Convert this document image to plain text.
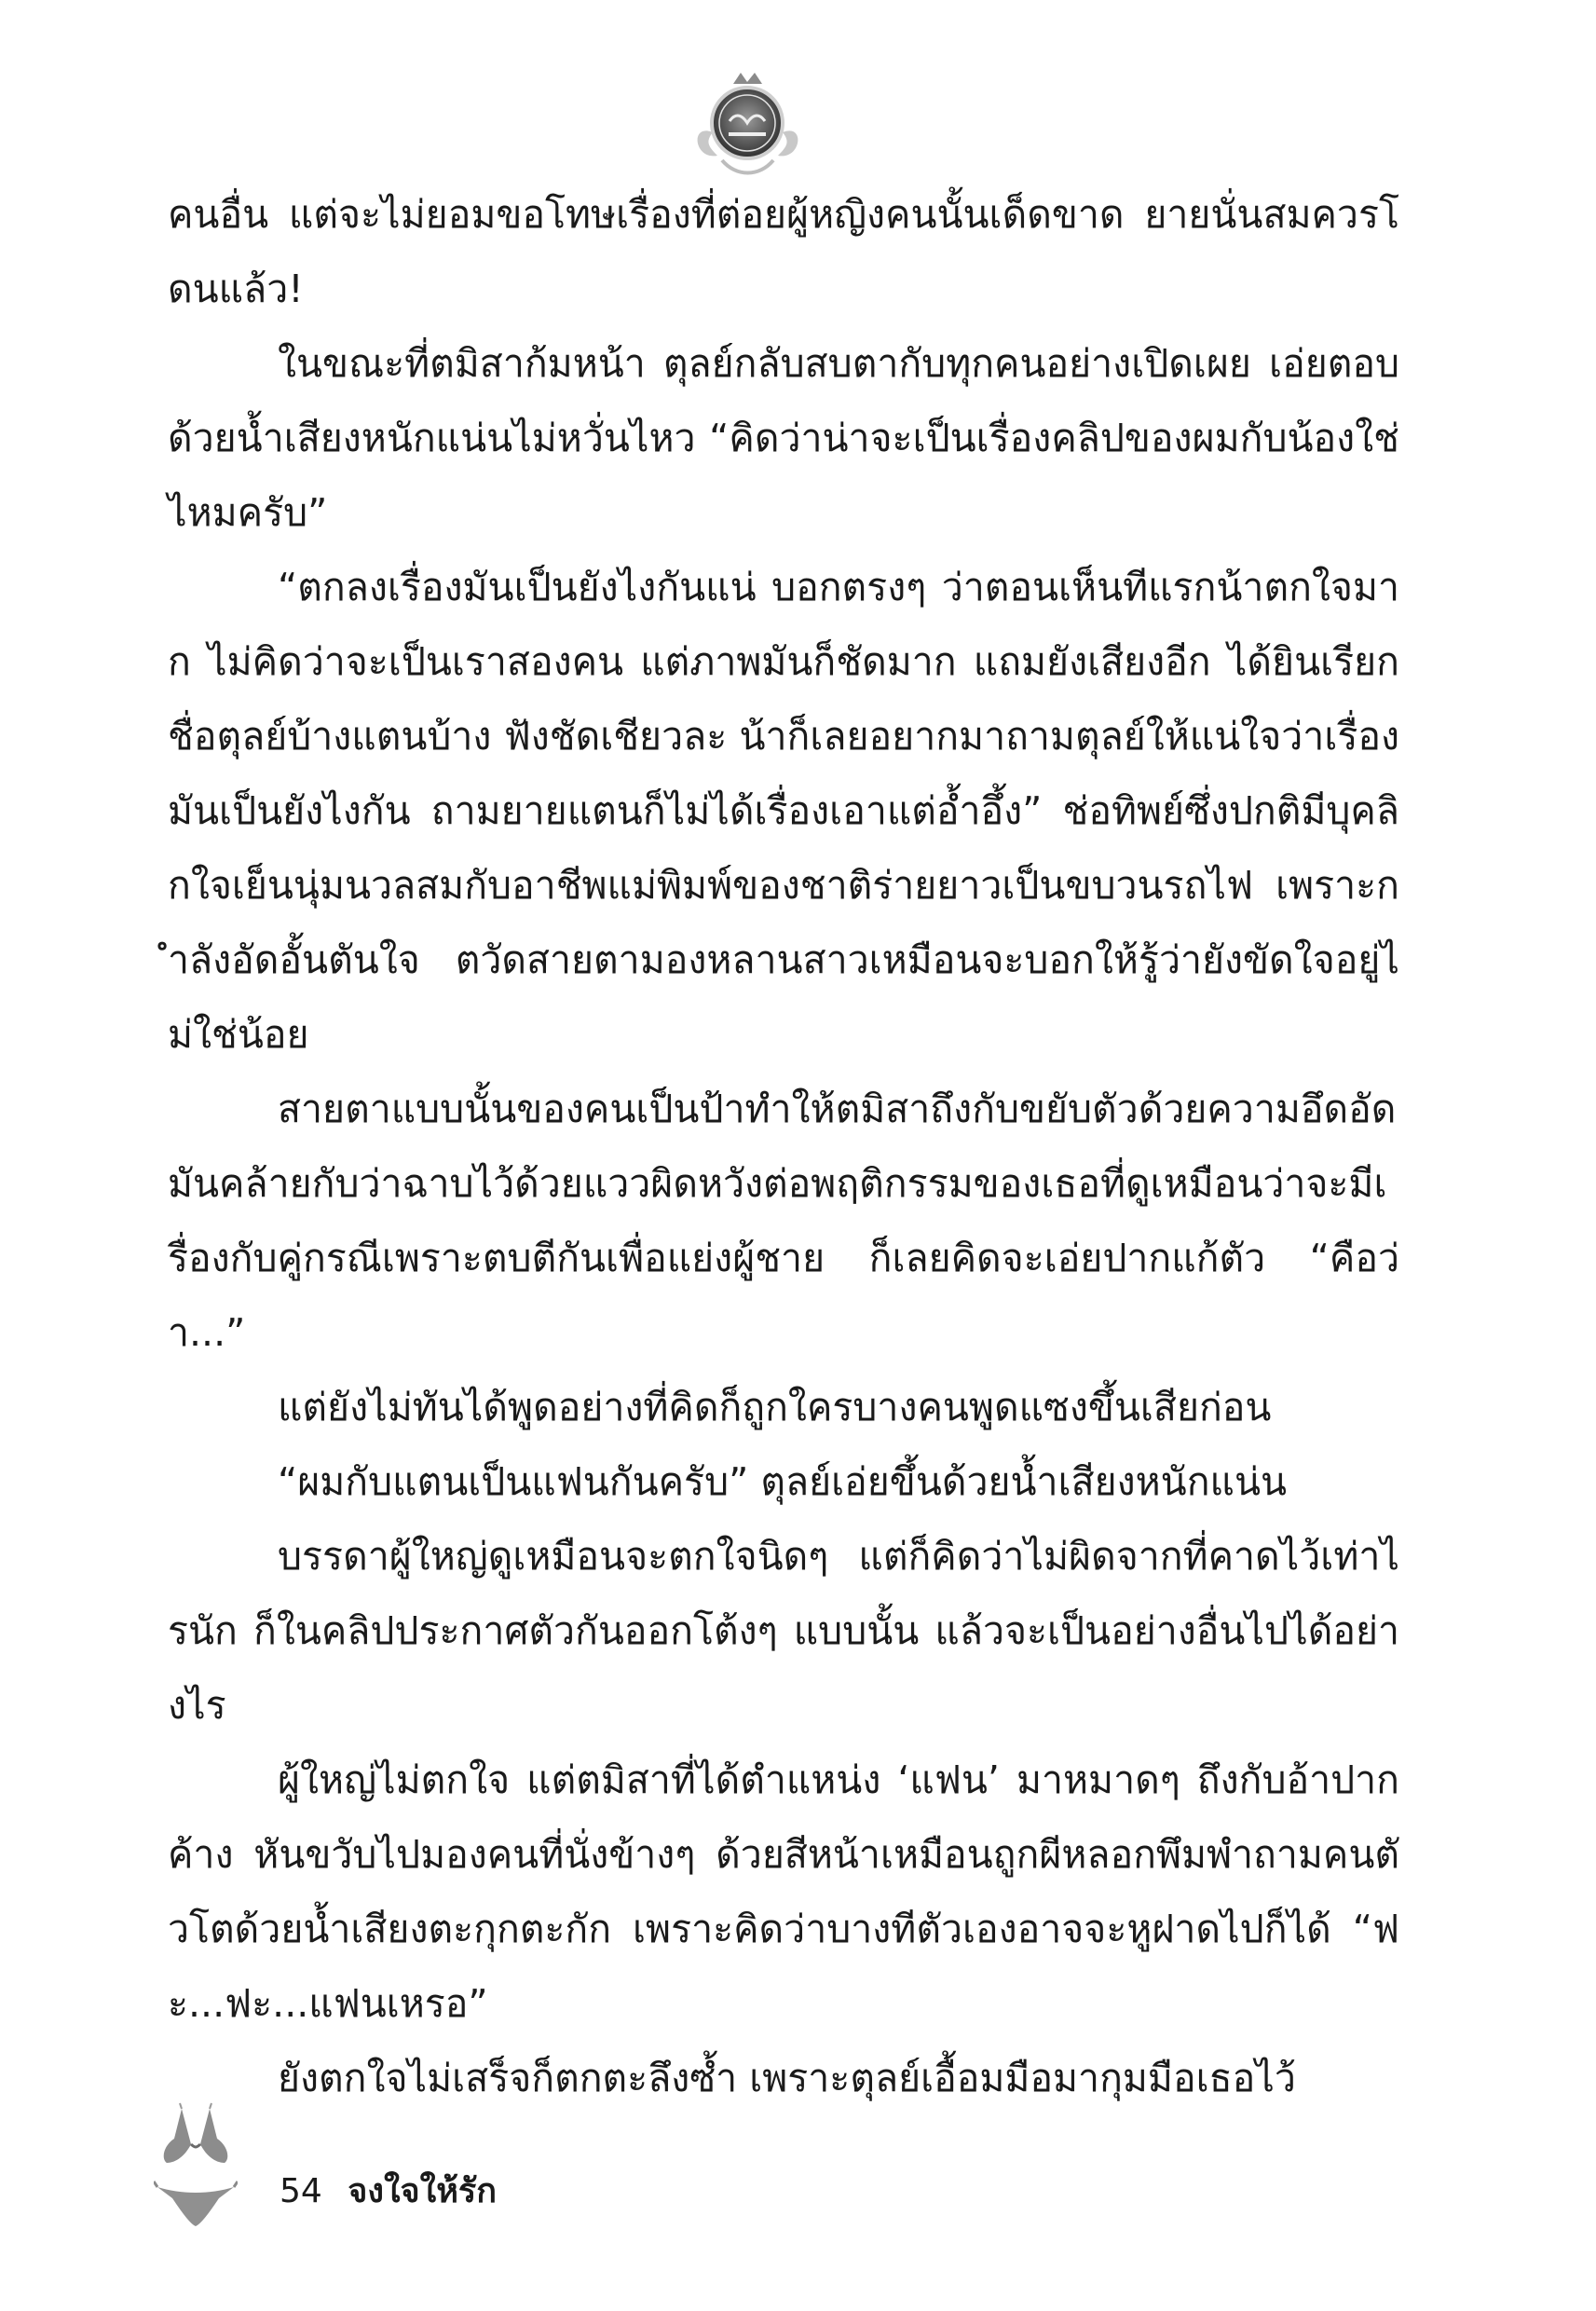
คนอื่น แต่จะไม่ยอมขอโทษเรื่องที่ต่อยผู้หญิงคนนั้นเด็ดขาด ยายนั่นสมควรโดนแล้ว!

ในขณะที่ตมิสาก้มหน้า ตุลย์กลับสบตากับทุกคนอย่างเปิดเผย เอ่ยตอบด้วยน้ำเสียงหนักแน่นไม่หวั่นไหว “คิดว่าน่าจะเป็นเรื่องคลิปของผมกับน้องใช่ไหมครับ”

“ตกลงเรื่องมันเป็นยังไงกันแน่ บอกตรงๆ ว่าตอนเห็นทีแรกน้าตกใจมาก ไม่คิดว่าจะเป็นเราสองคน แต่ภาพมันก็ชัดมาก แถมยังเสียงอีก ได้ยินเรียกชื่อตุลย์บ้างแตนบ้าง ฟังชัดเชียวละ น้าก็เลยอยากมาถามตุลย์ให้แน่ใจว่าเรื่องมันเป็นยังไงกัน ถามยายแตนก็ไม่ได้เรื่องเอาแต่อ้ำอึ้ง” ช่อทิพย์ซึ่งปกติมีบุคลิกใจเย็นนุ่มนวลสมกับอาชีพแม่พิมพ์ของชาติร่ายยาวเป็นขบวนรถไฟ เพราะกำลังอัดอั้นตันใจ ตวัดสายตามองหลานสาวเหมือนจะบอกให้รู้ว่ายังขัดใจอยู่ไม่ใช่น้อย

สายตาแบบนั้นของคนเป็นป้าทำให้ตมิสาถึงกับขยับตัวด้วยความอึดอัด มันคล้ายกับว่าฉาบไว้ด้วยแววผิดหวังต่อพฤติกรรมของเธอที่ดูเหมือนว่าจะมีเรื่องกับคู่กรณีเพราะตบตีกันเพื่อแย่งผู้ชาย ก็เลยคิดจะเอ่ยปากแก้ตัว “คือว่า...”

แต่ยังไม่ทันได้พูดอย่างที่คิดก็ถูกใครบางคนพูดแซงขึ้นเสียก่อน

“ผมกับแตนเป็นแฟนกันครับ” ตุลย์เอ่ยขึ้นด้วยน้ำเสียงหนักแน่น

บรรดาผู้ใหญ่ดูเหมือนจะตกใจนิดๆ แต่ก็คิดว่าไม่ผิดจากที่คาดไว้เท่าไรนัก ก็ในคลิปประกาศตัวกันออกโต้งๆ แบบนั้น แล้วจะเป็นอย่างอื่นไปได้อย่างไร

ผู้ใหญ่ไม่ตกใจ แต่ตมิสาที่ได้ตำแหน่ง ‘แฟน’ มาหมาดๆ ถึงกับอ้าปากค้าง หันขวับไปมองคนที่นั่งข้างๆ ด้วยสีหน้าเหมือนถูกผีหลอกพึมพำถามคนตัวโตด้วยน้ำเสียงตะกุกตะกัก เพราะคิดว่าบางทีตัวเองอาจจะหูฝาดไปก็ได้ “ฟะ...ฟะ...แฟนเหรอ”

ยังตกใจไม่เสร็จก็ตกตะลึงซ้ำ เพราะตุลย์เอื้อมมือมากุมมือเธอไว้

54 จงใจให้รัก
